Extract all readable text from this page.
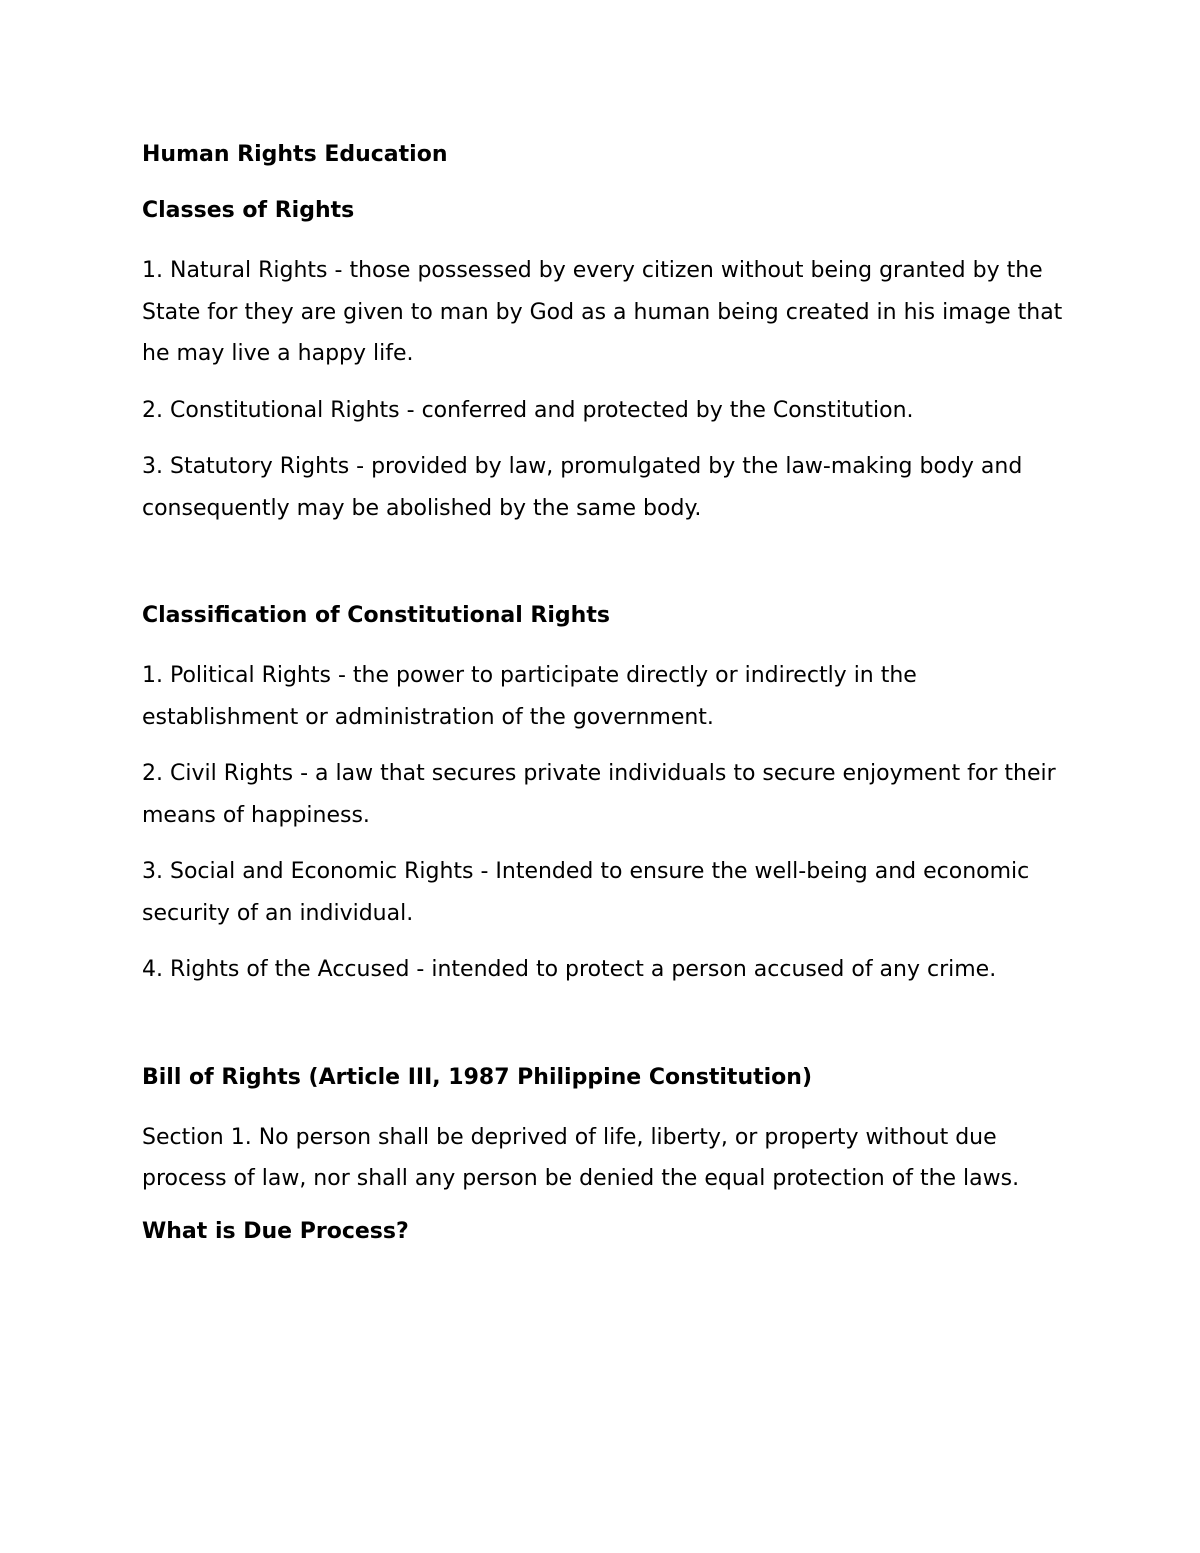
Human Rights Education
Classes of Rights
1. Natural Rights - those possessed by every citizen without being granted by the State for they are given to man by God as a human being created in his image that he may live a happy life.
2. Constitutional Rights - conferred and protected by the Constitution.
3. Statutory Rights - provided by law, promulgated by the law-making body and consequently may be abolished by the same body.
Classification of Constitutional Rights
1. Political Rights - the power to participate directly or indirectly in the establishment or administration of the government.
2. Civil Rights - a law that secures private individuals to secure enjoyment for their means of happiness.
3. Social and Economic Rights - Intended to ensure the well-being and economic security of an individual.
4. Rights of the Accused - intended to protect a person accused of any crime.
Bill of Rights (Article III, 1987 Philippine Constitution)
Section 1. No person shall be deprived of life, liberty, or property without due process of law, nor shall any person be denied the equal protection of the laws.
What is Due Process?
